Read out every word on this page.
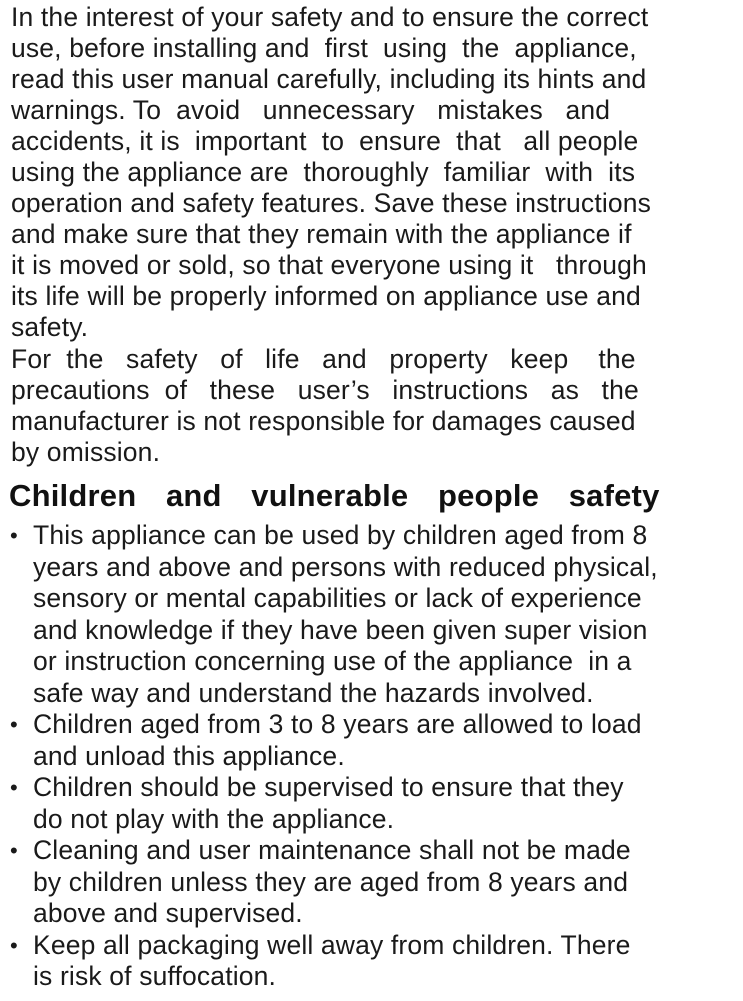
In the interest of your safety and to ensure the correct
use, before installing and  first  using  the  appliance,
read this user manual carefully, including its hints and
warnings. To  avoid   unnecessary   mistakes   and
accidents, it is  important  to  ensure  that   all people
using the appliance are  thoroughly  familiar  with  its
operation and safety features. Save these instructions
and make sure that they remain with the appliance if
it is moved or sold, so that everyone using it   through
its life will be properly informed on appliance use and
safety.
For  the   safety   of   life   and   property   keep    the
precautions  of   these   user’s   instructions   as   the
manufacturer is not responsible for damages caused
by omission.
Children  and  vulnerable  people  safety
• This appliance can be used by children aged from 8
years and above and persons with reduced physical,
sensory or mental capabilities or lack of experience
and knowledge if they have been given super vision
or instruction concerning use of the appliance  in a
safe way and understand the hazards involved.
• Children aged from 3 to 8 years are allowed to load
and unload this appliance.
• Children should be supervised to ensure that they
do not play with the appliance.
• Cleaning and user maintenance shall not be made
by children unless they are aged from 8 years and
above and supervised.
• Keep all packaging well away from children. There
is risk of suffocation.
